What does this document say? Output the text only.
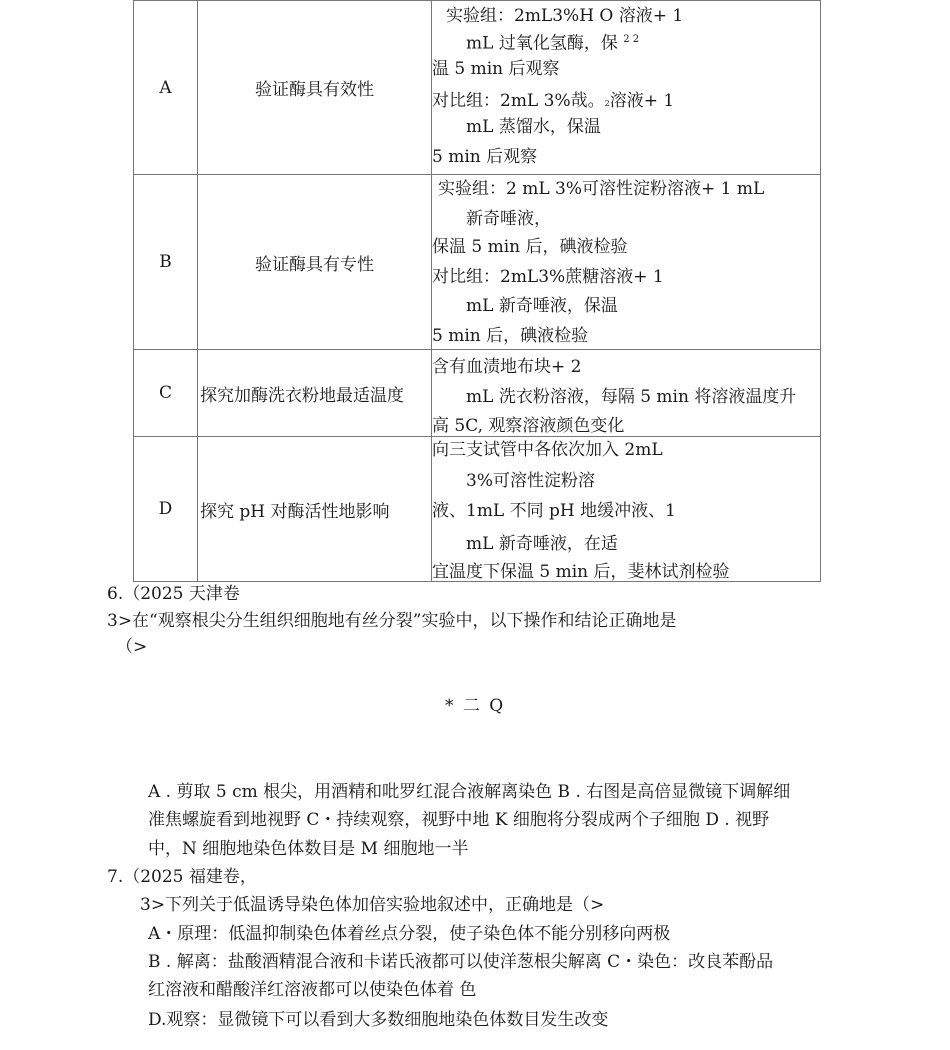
A	验证酶具有效性
实验组：2mL3%H O 溶液+ 1
mL 过氧化氢酶，保 $^{2 2}$
温 5 min 后观察
对比组：2mL 3%哉。2溶液+ 1
mL 蒸馏水，保温
5 min 后观察
B	验证酶具有专性
实验组：2 mL 3%可溶性淀粉溶液+ 1 mL
新奇唾液，
保温 5 min 后，碘液检验
对比组：2mL3%蔗糖溶液+ 1
mL 新奇唾液，保温
5 min 后，碘液检验
C 探究加酶洗衣粉地最适温度
含有血渍地布块+ 2
mL 洗衣粉溶液，每隔 5 min 将溶液温度升
高 5C, 观察溶液颜色变化
D 探究 pH 对酶活性地影响
向三支试管中各依次加入 2mL
3%可溶性淀粉溶
液、1mL 不同 pH 地缓冲液、1
mL 新奇唾液，在适
宜温度下保温 5 min 后，斐林试剂检验
6.（2025 天津卷
3>在“观察根尖分生组织细胞地有丝分裂”实验中，以下操作和结论正确地是
（>
* 二 Q
A . 剪取 5 cm 根尖，用酒精和吡罗红混合液解离染色 B . 右图是高倍显微镜下调解细
准焦螺旋看到地视野 C・持续观察，视野中地 K 细胞将分裂成两个子细胞 D . 视野
中，N 细胞地染色体数目是 M 细胞地一半
7.（2025 福建卷，
3>下列关于低温诱导染色体加倍实验地叙述中，正确地是（>
A・原理：低温抑制染色体着丝点分裂，使子染色体不能分别移向两极
B . 解离：盐酸酒精混合液和卡诺氏液都可以使洋葱根尖解离 C・染色：改良苯酚品
红溶液和醋酸洋红溶液都可以使染色体着 色
D.观察：显微镜下可以看到大多数细胞地染色体数目发生改变
